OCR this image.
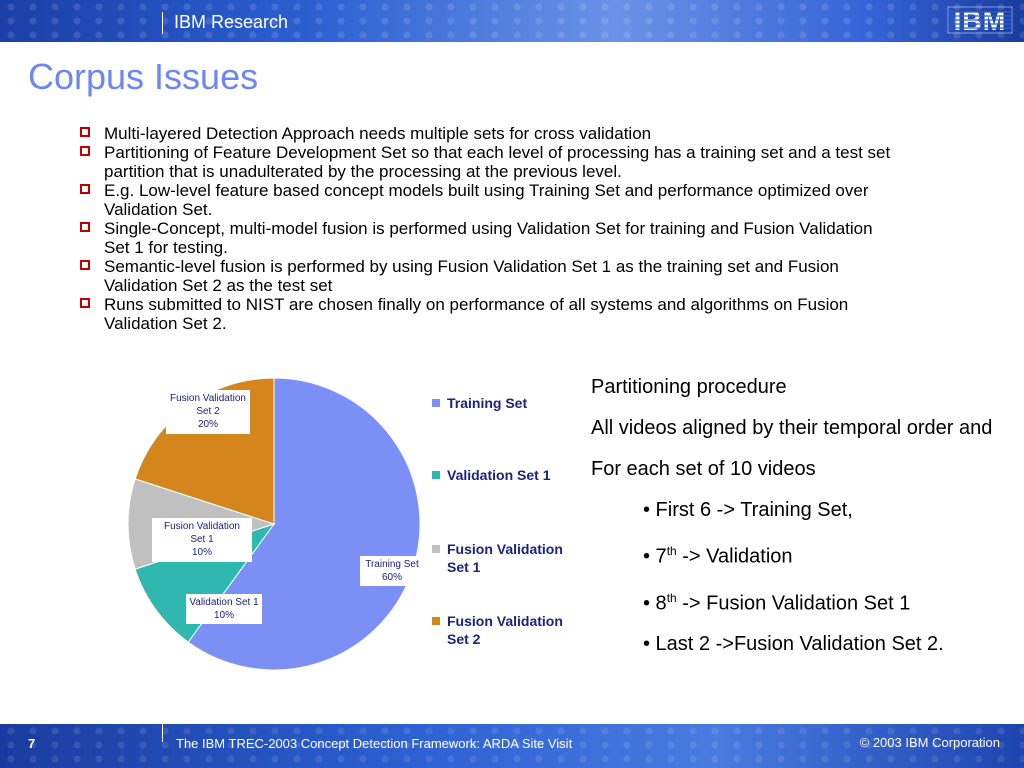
IBM Research	IBM
Corpus Issues
Multi-layered Detection Approach needs multiple sets for cross validation
Partitioning of Feature Development Set so that each level of processing has a training set and a test set partition that is unadulterated by the processing at the previous level.
E.g. Low-level feature based concept models built using Training Set and performance optimized over Validation Set.
Single-Concept, multi-model fusion is performed using Validation Set for training and Fusion Validation Set 1 for testing.
Semantic-level fusion is performed by using Fusion Validation Set 1 as the training set and Fusion Validation Set 2 as the test set
Runs submitted to NIST are chosen finally on performance of all systems and algorithms on Fusion Validation Set 2.
Training Set
60%
Validation Set 1
10%
Fusion Validation
Set 1
10%
Fusion Validation
Set 2
20%
Training Set
Validation Set 1
Fusion Validation Set 1
Fusion Validation Set 2

Partitioning procedure

All videos aligned by their temporal order and

For each set of 10 videos

• First 6 -> Training Set,

• 7th -> Validation

• 8th -> Fusion Validation Set 1

• Last 2 ->Fusion Validation Set 2.

7	The IBM TREC-2003 Concept Detection Framework: ARDA Site Visit	© 2003 IBM Corporation
